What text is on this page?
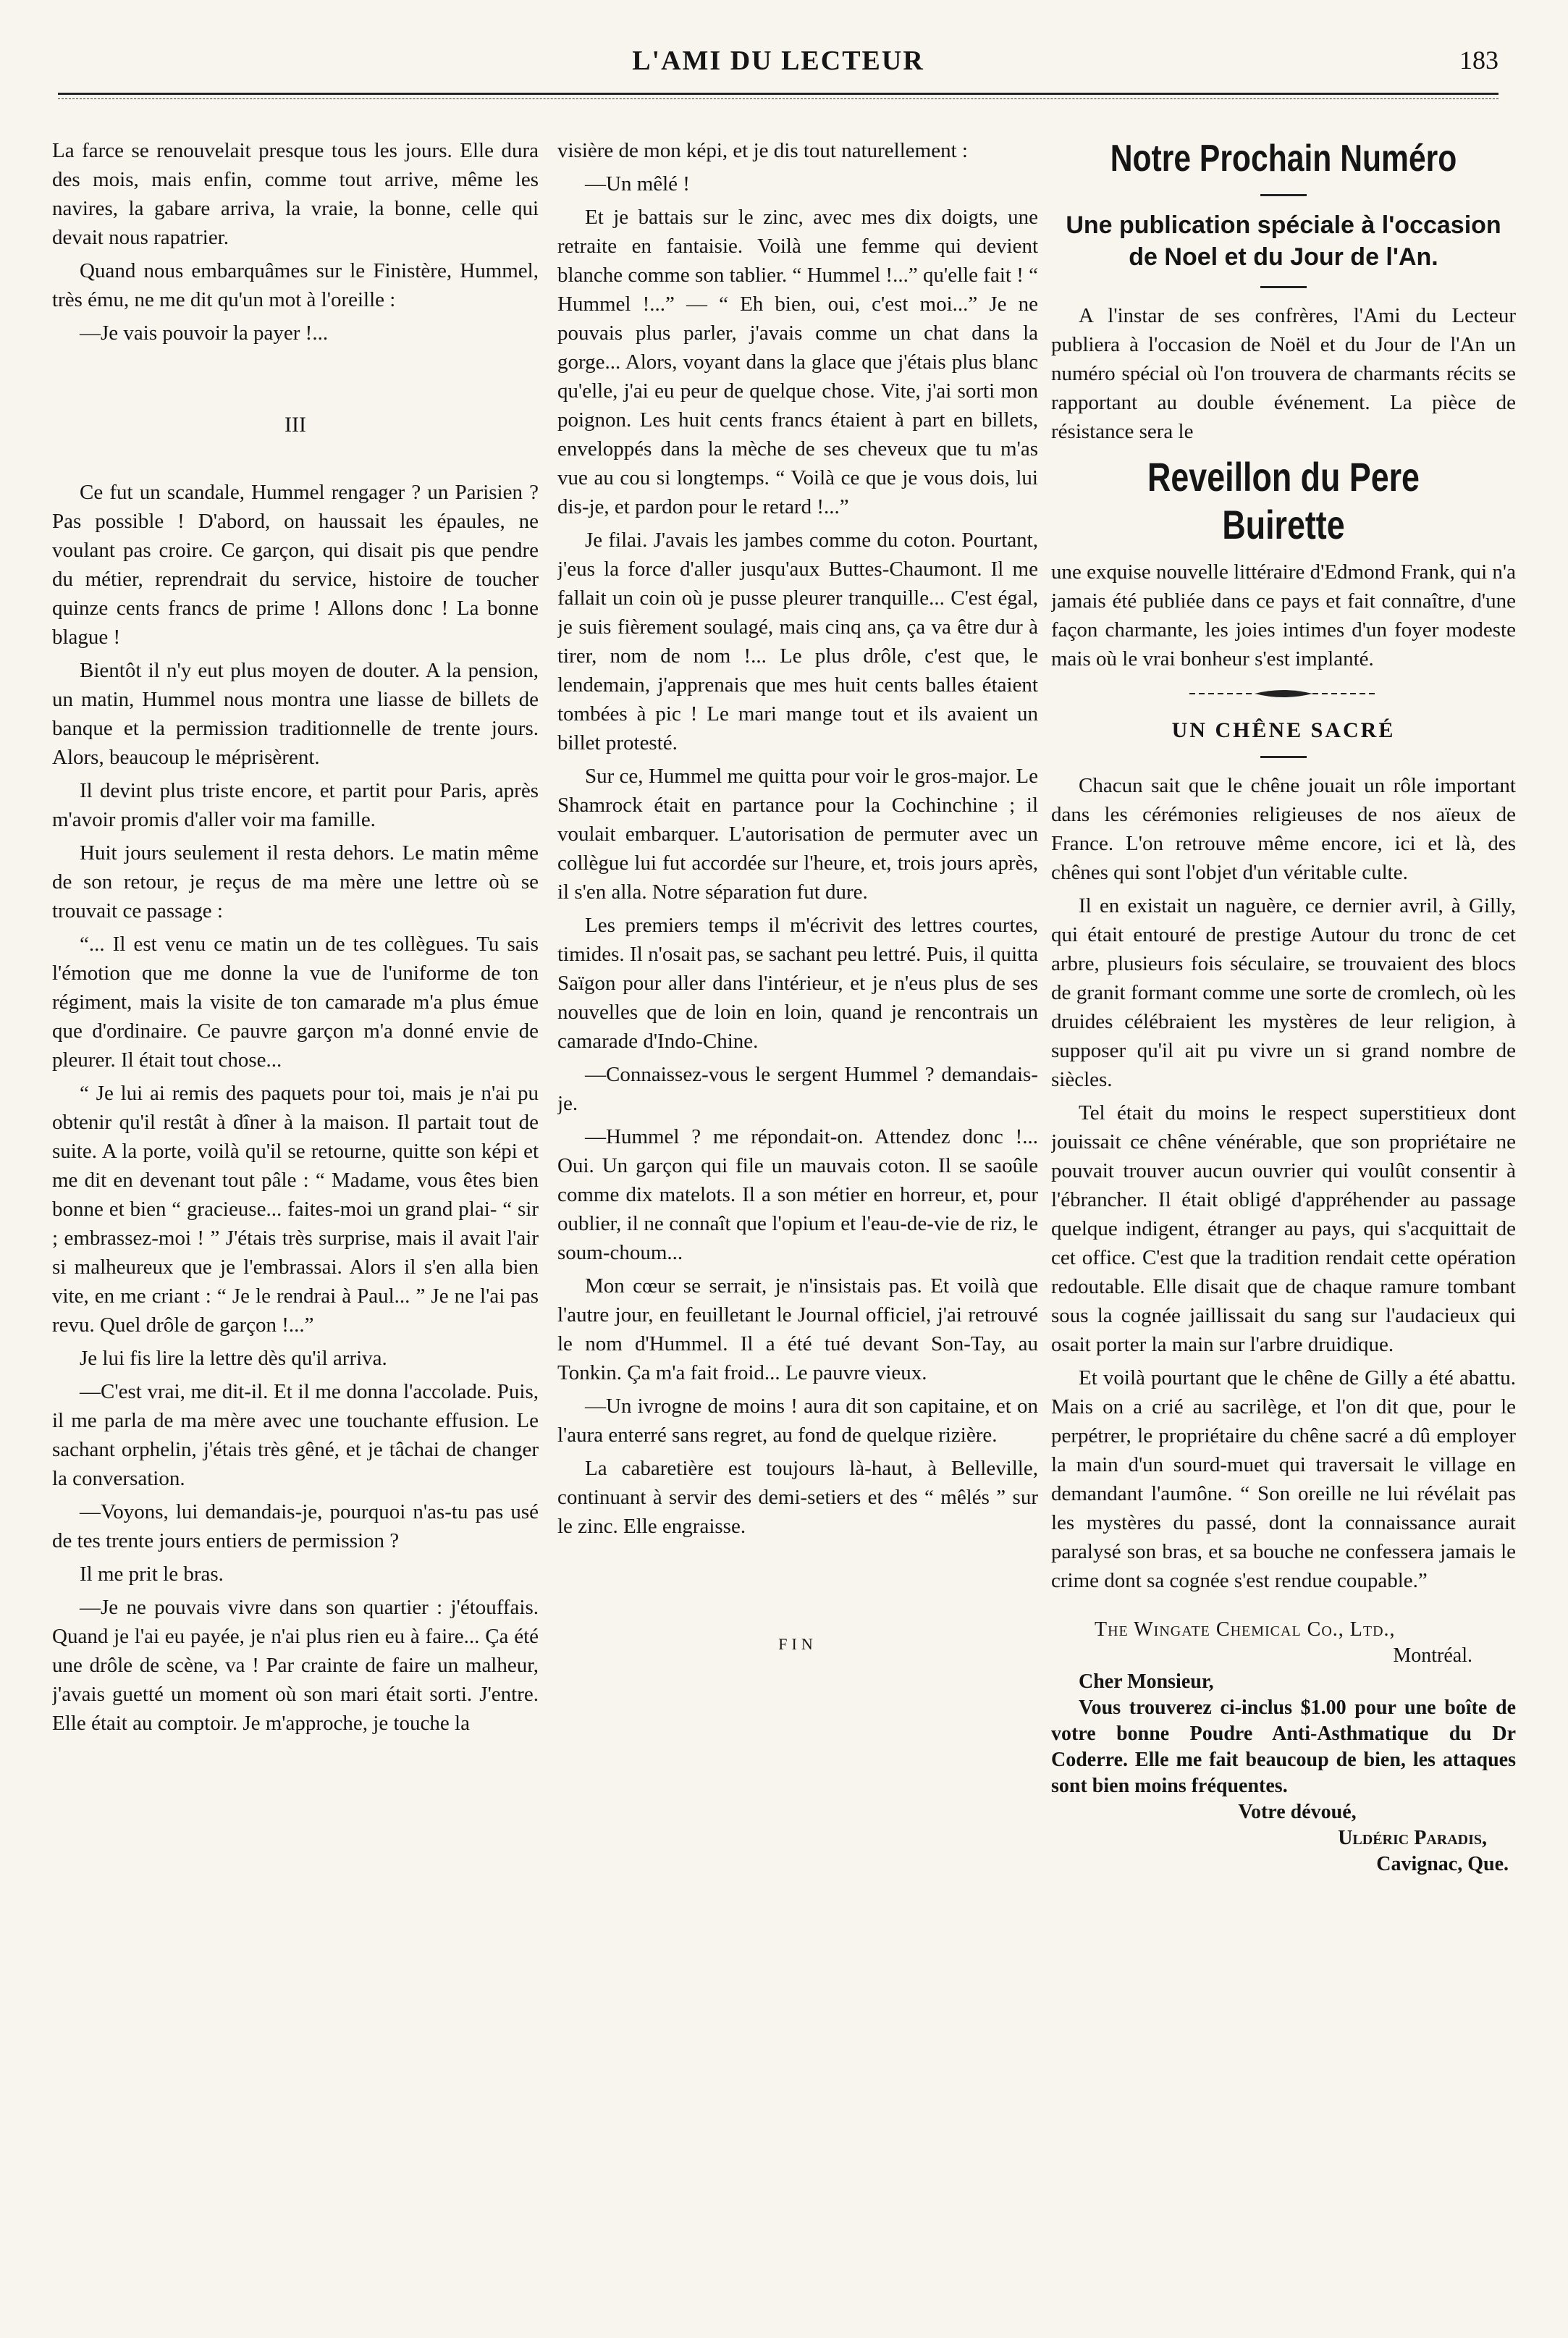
L'AMI DU LECTEUR	183

La farce se renouvelait presque tous les jours. Elle dura des mois, mais enfin, comme tout arrive, même les navires, la gabare arriva, la vraie, la bonne, celle qui devait nous rapatrier.

Quand nous embarquâmes sur le Finistère, Hummel, très ému, ne me dit qu'un mot à l'oreille :

—Je vais pouvoir la payer !...

III

Ce fut un scandale, Hummel rengager ? un Parisien ? Pas possible ! D'abord, on haussait les épaules, ne voulant pas croire. Ce garçon, qui disait pis que pendre du métier, reprendrait du service, histoire de toucher quinze cents francs de prime ! Allons donc ! La bonne blague !

Bientôt il n'y eut plus moyen de douter. A la pension, un matin, Hummel nous montra une liasse de billets de banque et la permission traditionnelle de trente jours. Alors, beaucoup le méprisèrent.

Il devint plus triste encore, et partit pour Paris, après m'avoir promis d'aller voir ma famille.

Huit jours seulement il resta dehors. Le matin même de son retour, je reçus de ma mère une lettre où se trouvait ce passage :

“... Il est venu ce matin un de tes collègues. Tu sais l'émotion que me donne la vue de l'uniforme de ton régiment, mais la visite de ton camarade m'a plus émue que d'ordinaire. Ce pauvre garçon m'a donné envie de pleurer. Il était tout chose...

“ Je lui ai remis des paquets pour toi, mais je n'ai pu obtenir qu'il restât à dîner à la maison. Il partait tout de suite. A la porte, voilà qu'il se retourne, quitte son képi et me dit en devenant tout pâle : “ Madame, vous êtes bien bonne et bien “ gracieuse... faites-moi un grand plai- “ sir ; embrassez-moi ! ” J'étais très surprise, mais il avait l'air si malheureux que je l'embrassai. Alors il s'en alla bien vite, en me criant : “ Je le rendrai à Paul... ” Je ne l'ai pas revu. Quel drôle de garçon !...”

Je lui fis lire la lettre dès qu'il arriva.

—C'est vrai, me dit-il. Et il me donna l'accolade. Puis, il me parla de ma mère avec une touchante effusion. Le sachant orphelin, j'étais très gêné, et je tâchai de changer la conversation.

—Voyons, lui demandais-je, pourquoi n'as-tu pas usé de tes trente jours entiers de permission ?

Il me prit le bras.

—Je ne pouvais vivre dans son quartier : j'étouffais. Quand je l'ai eu payée, je n'ai plus rien eu à faire... Ça été une drôle de scène, va ! Par crainte de faire un malheur, j'avais guetté un moment où son mari était sorti. J'entre. Elle était au comptoir. Je m'approche, je touche la

visière de mon képi, et je dis tout naturellement :

—Un mêlé !

Et je battais sur le zinc, avec mes dix doigts, une retraite en fantaisie. Voilà une femme qui devient blanche comme son tablier. “ Hummel !...” qu'elle fait ! “ Hummel !...” — “ Eh bien, oui, c'est moi...” Je ne pouvais plus parler, j'avais comme un chat dans la gorge... Alors, voyant dans la glace que j'étais plus blanc qu'elle, j'ai eu peur de quelque chose. Vite, j'ai sorti mon poignon. Les huit cents francs étaient à part en billets, enveloppés dans la mèche de ses cheveux que tu m'as vue au cou si longtemps. “ Voilà ce que je vous dois, lui dis-je, et pardon pour le retard !...”

Je filai. J'avais les jambes comme du coton. Pourtant, j'eus la force d'aller jusqu'aux Buttes-Chaumont. Il me fallait un coin où je pusse pleurer tranquille... C'est égal, je suis fièrement soulagé, mais cinq ans, ça va être dur à tirer, nom de nom !... Le plus drôle, c'est que, le lendemain, j'apprenais que mes huit cents balles étaient tombées à pic ! Le mari mange tout et ils avaient un billet protesté.

Sur ce, Hummel me quitta pour voir le gros-major. Le Shamrock était en partance pour la Cochinchine ; il voulait embarquer. L'autorisation de permuter avec un collègue lui fut accordée sur l'heure, et, trois jours après, il s'en alla. Notre séparation fut dure.

Les premiers temps il m'écrivit des lettres courtes, timides. Il n'osait pas, se sachant peu lettré. Puis, il quitta Saïgon pour aller dans l'intérieur, et je n'eus plus de ses nouvelles que de loin en loin, quand je rencontrais un camarade d'Indo-Chine.

—Connaissez-vous le sergent Hummel ? demandais-je.

—Hummel ? me répondait-on. Attendez donc !... Oui. Un garçon qui file un mauvais coton. Il se saoûle comme dix matelots. Il a son métier en horreur, et, pour oublier, il ne connaît que l'opium et l'eau-de-vie de riz, le soum-choum...

Mon cœur se serrait, je n'insistais pas. Et voilà que l'autre jour, en feuilletant le Journal officiel, j'ai retrouvé le nom d'Hummel. Il a été tué devant Son-Tay, au Tonkin. Ça m'a fait froid... Le pauvre vieux.

—Un ivrogne de moins ! aura dit son capitaine, et on l'aura enterré sans regret, au fond de quelque rizière.

La cabaretière est toujours là-haut, à Belleville, continuant à servir des demi-setiers et des “ mêlés ” sur le zinc. Elle engraisse.

FIN
Notre Prochain Numéro
Une publication spéciale à l'occasion de Noel et du Jour de l'An.

A l'instar de ses confrères, l'Ami du Lecteur publiera à l'occasion de Noël et du Jour de l'An un numéro spécial où l'on trouvera de charmants récits se rapportant au double événement. La pièce de résistance sera le

Reveillon du Pere Buirette

une exquise nouvelle littéraire d'Edmond Frank, qui n'a jamais été publiée dans ce pays et fait connaître, d'une façon charmante, les joies intimes d'un foyer modeste mais où le vrai bonheur s'est implanté.

UN CHÊNE SACRÉ

Chacun sait que le chêne jouait un rôle important dans les cérémonies religieuses de nos aïeux de France. L'on retrouve même encore, ici et là, des chênes qui sont l'objet d'un véritable culte.

Il en existait un naguère, ce dernier avril, à Gilly, qui était entouré de prestige Autour du tronc de cet arbre, plusieurs fois séculaire, se trouvaient des blocs de granit formant comme une sorte de cromlech, où les druides célébraient les mystères de leur religion, à supposer qu'il ait pu vivre un si grand nombre de siècles.

Tel était du moins le respect superstitieux dont jouissait ce chêne vénérable, que son propriétaire ne pouvait trouver aucun ouvrier qui voulût consentir à l'ébrancher. Il était obligé d'appréhender au passage quelque indigent, étranger au pays, qui s'acquittait de cet office. C'est que la tradition rendait cette opération redoutable. Elle disait que de chaque ramure tombant sous la cognée jaillissait du sang sur l'audacieux qui osait porter la main sur l'arbre druidique.

Et voilà pourtant que le chêne de Gilly a été abattu. Mais on a crié au sacrilège, et l'on dit que, pour le perpétrer, le propriétaire du chêne sacré a dû employer la main d'un sourd-muet qui traversait le village en demandant l'aumône. “ Son oreille ne lui révélait pas les mystères du passé, dont la connaissance aurait paralysé son bras, et sa bouche ne confessera jamais le crime dont sa cognée s'est rendue coupable.”

The Wingate Chemical Co., Ltd.,

Montréal.

Cher Monsieur,

Vous trouverez ci-inclus $1.00 pour une boîte de votre bonne Poudre Anti-Asthmatique du Dr Coderre. Elle me fait beaucoup de bien, les attaques sont bien moins fréquentes.

Votre dévoué,

Uldéric Paradis,

Cavignac, Que.
